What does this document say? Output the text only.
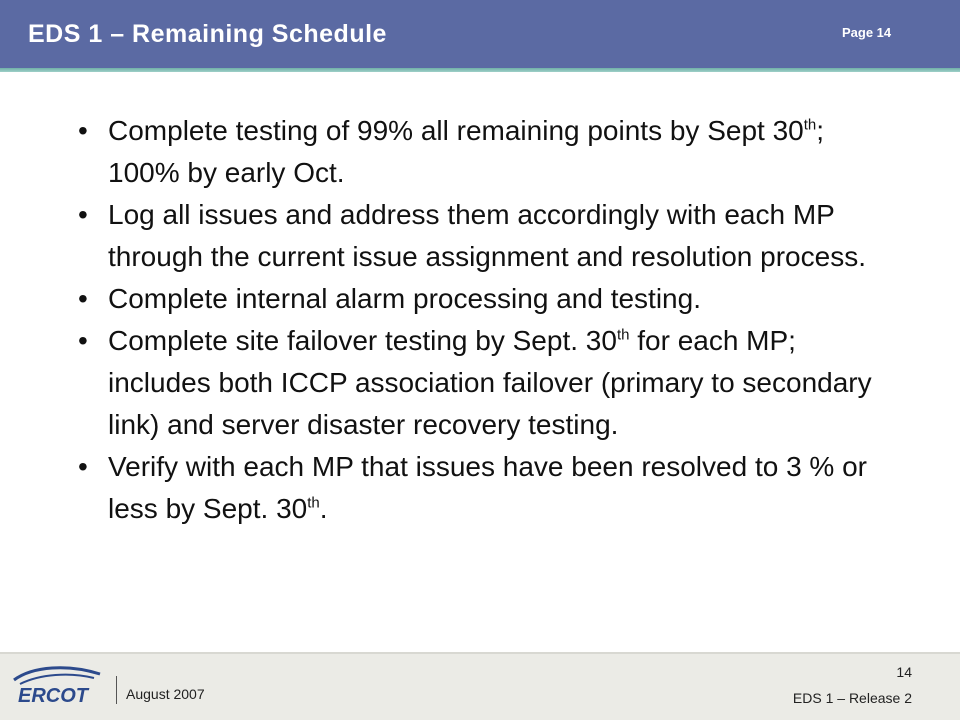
EDS 1 – Remaining Schedule	Page 14
• Complete testing of 99% all remaining points by Sept 30th; 100% by early Oct.
• Log all issues and address them accordingly with each MP through the current issue assignment and resolution process.
• Complete internal alarm processing and testing.
• Complete site failover testing by Sept. 30th for each MP; includes both ICCP association failover (primary to secondary link) and server disaster recovery testing.
• Verify with each MP that issues have been resolved to 3 % or less by Sept. 30th.
ERCOT	August 2007
14
EDS 1 – Release 2
